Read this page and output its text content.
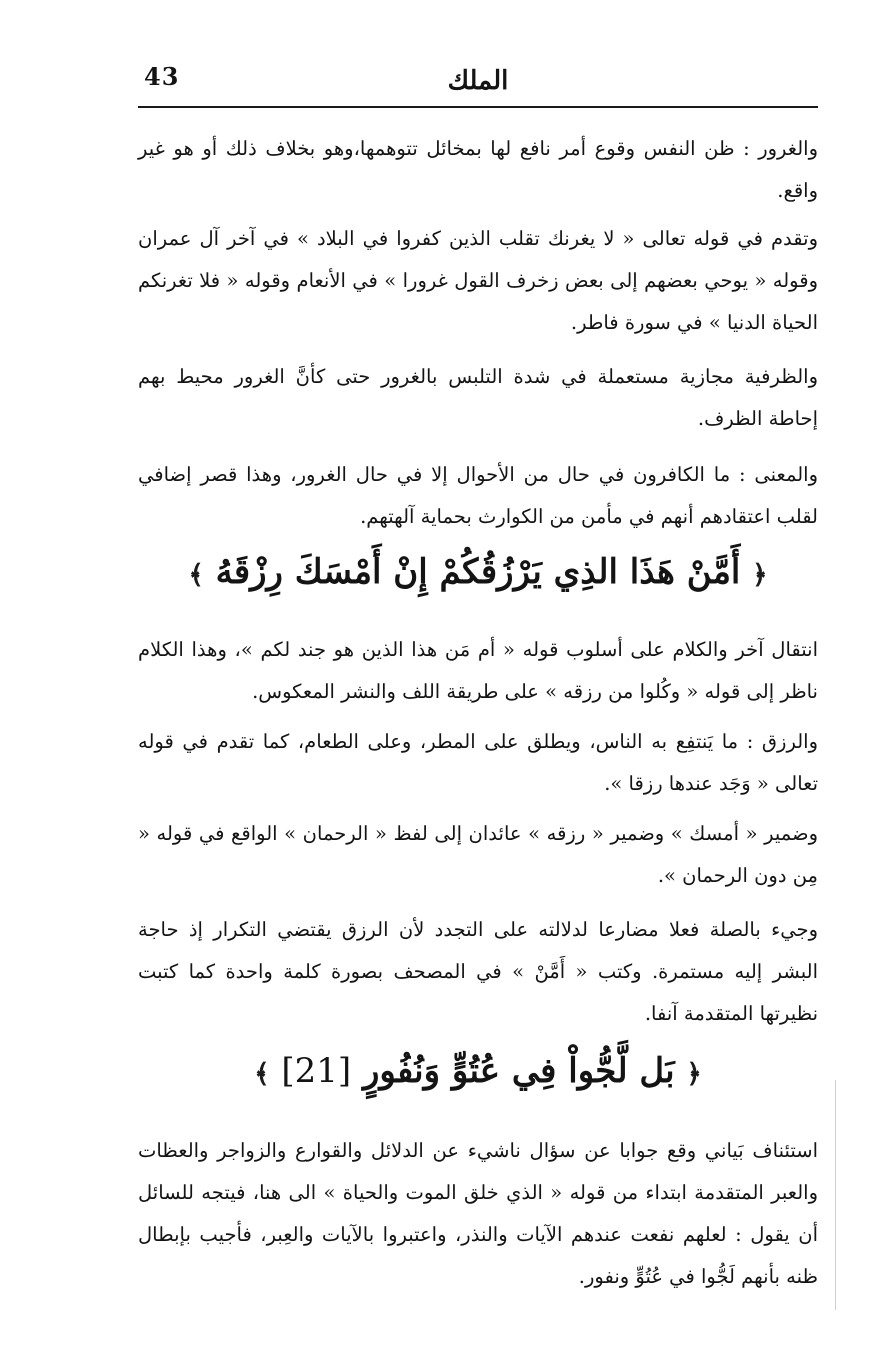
43	الملك

والغرور : ظن النفس وقوع أمر نافع لها بمخائل تتوهمها،وهو بخلاف ذلك أو هو غير واقع.

وتقدم في قوله تعالى « لا يغرنك تقلب الذين كفروا في البلاد » في آخر آل عمران وقوله « يوحي بعضهم إلى بعض زخرف القول غرورا » في الأنعام وقوله « فلا تغرنكم الحياة الدنيا » في سورة فاطر.

والظرفية مجازية مستعملة في شدة التلبس بالغرور حتى كأنَّ الغرور محيط بهم إحاطة الظرف.

والمعنى : ما الكافرون في حال من الأحوال إلا في حال الغرور، وهذا قصر إضافي لقلب اعتقادهم أنهم في مأمن من الكوارث بحماية آلهتهم.

﴿ أَمَّنْ هَذَا الذِي يَرْزُقُكُمْ إِنْ أَمْسَكَ رِزْقَهُ ﴾

انتقال آخر والكلام على أسلوب قوله « أم مَن هذا الذين هو جند لكم »، وهذا الكلام ناظر إلى قوله « وكُلوا من رزقه » على طريقة اللف والنشر المعكوس.

والرزق : ما يَنتفِع به الناس، ويطلق على المطر، وعلى الطعام، كما تقدم في قوله تعالى « وَجَد عندها رزقا ».

وضمير « أمسك » وضمير « رزقه » عائدان إلى لفظ « الرحمان » الواقع في قوله « مِن دون الرحمان ».

وجيء بالصلة فعلا مضارعا لدلالته على التجدد لأن الرزق يقتضي التكرار إذ حاجة البشر إليه مستمرة. وكتب « أَمَّنْ » في المصحف بصورة كلمة واحدة كما كتبت نظيرتها المتقدمة آنفا.

﴿ بَل لَّجُّواْ فِي عُتُوٍّ وَنُفُورٍ [21] ﴾

استئناف بَياني وقع جوابا عن سؤال ناشيء عن الدلائل والقوارع والزواجر والعظات والعبر المتقدمة ابتداء من قوله « الذي خلق الموت والحياة » الى هنا، فيتجه للسائل أن يقول : لعلهم نفعت عندهم الآيات والنذر، واعتبروا بالآيات والعِبر، فأجيب بإبطال ظنه بأنهم لَجُّوا في عُتُوٍّ ونفور.
